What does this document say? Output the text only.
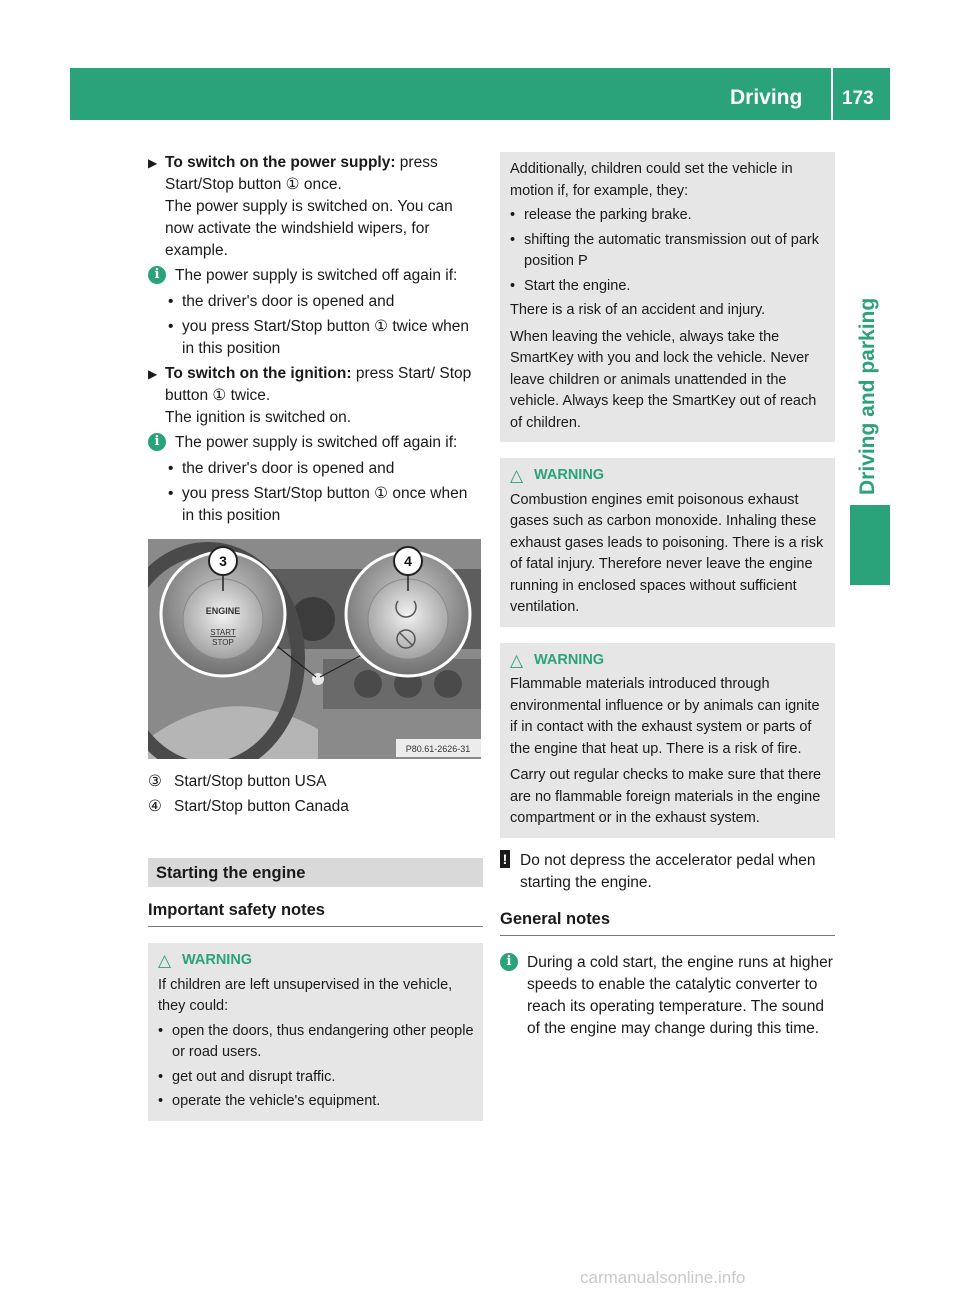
Driving 173
Driving and parking
▶ To switch on the power supply: press Start/Stop button ① once.

The power supply is switched on. You can now activate the windshield wipers, for example.

i	The power supply is switched off again if:
• the driver's door is opened and
• you press Start/Stop button ① twice when in this position
▶ To switch on the ignition: press Start/ Stop button ① twice.

The ignition is switched on.

i	The power supply is switched off again if:
• the driver's door is opened and
• you press Start/Stop button ① once when in this position
3	4
ENGINE
START
STOP
P80.61-2626-31
③ Start/Stop button USA
④ Start/Stop button Canada
Starting the engine
Important safety notes
△ WARNING

If children are left unsupervised in the vehicle, they could:

• open the doors, thus endangering other people or road users.
• get out and disrupt traffic.
• operate the vehicle's equipment.

Additionally, children could set the vehicle in motion if, for example, they:

• release the parking brake.
• shifting the automatic transmission out of park position P
• Start the engine.

There is a risk of an accident and injury.

When leaving the vehicle, always take the SmartKey with you and lock the vehicle. Never leave children or animals unattended in the vehicle. Always keep the SmartKey out of reach of children.

△ WARNING

Combustion engines emit poisonous exhaust gases such as carbon monoxide. Inhaling these exhaust gases leads to poisoning. There is a risk of fatal injury. Therefore never leave the engine running in enclosed spaces without sufficient ventilation.

△ WARNING

Flammable materials introduced through environmental influence or by animals can ignite if in contact with the exhaust system or parts of the engine that heat up. There is a risk of fire.

Carry out regular checks to make sure that there are no flammable foreign materials in the engine compartment or in the exhaust system.

! Do not depress the accelerator pedal when starting the engine.
General notes
i	During a cold start, the engine runs at higher speeds to enable the catalytic converter to reach its operating temperature. The sound of the engine may change during this time.
carmanualsonline.info
